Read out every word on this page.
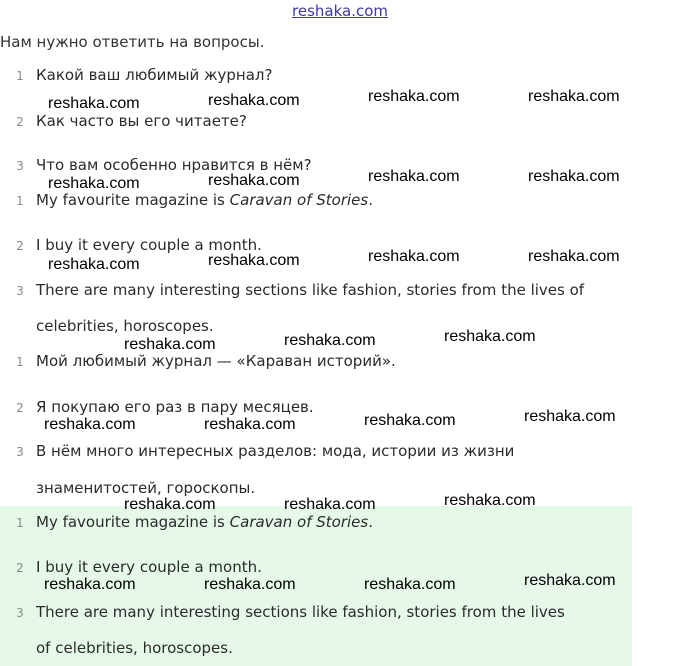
reshaka.com
Нам нужно ответить на вопросы.
1 Какой ваш любимый журнал?
2 Как часто вы его читаете?
3 Что вам особенно нравится в нём?
1 My favourite magazine is Caravan of Stories.
2 I buy it every couple a month.
3 There are many interesting sections like fashion, stories from the lives of
celebrities, horoscopes.
1 Мой любимый журнал — «Караван историй».
2 Я покупаю его раз в пару месяцев.
3 В нём много интересных разделов: мода, истории из жизни
знаменитостей, гороскопы.
1 My favourite magazine is Caravan of Stories.
2 I buy it every couple a month.
3 There are many interesting sections like fashion, stories from the lives
of celebrities, horoscopes.
reshaka.com	reshaka.com	reshaka.com	reshaka.com
reshaka.com	reshaka.com	reshaka.com	reshaka.com
reshaka.com	reshaka.com	reshaka.com	reshaka.com
reshaka.com	reshaka.com	reshaka.com
reshaka.com	reshaka.com	reshaka.com	reshaka.com
reshaka.com	reshaka.com	reshaka.com
reshaka.com	reshaka.com	reshaka.com	reshaka.com
